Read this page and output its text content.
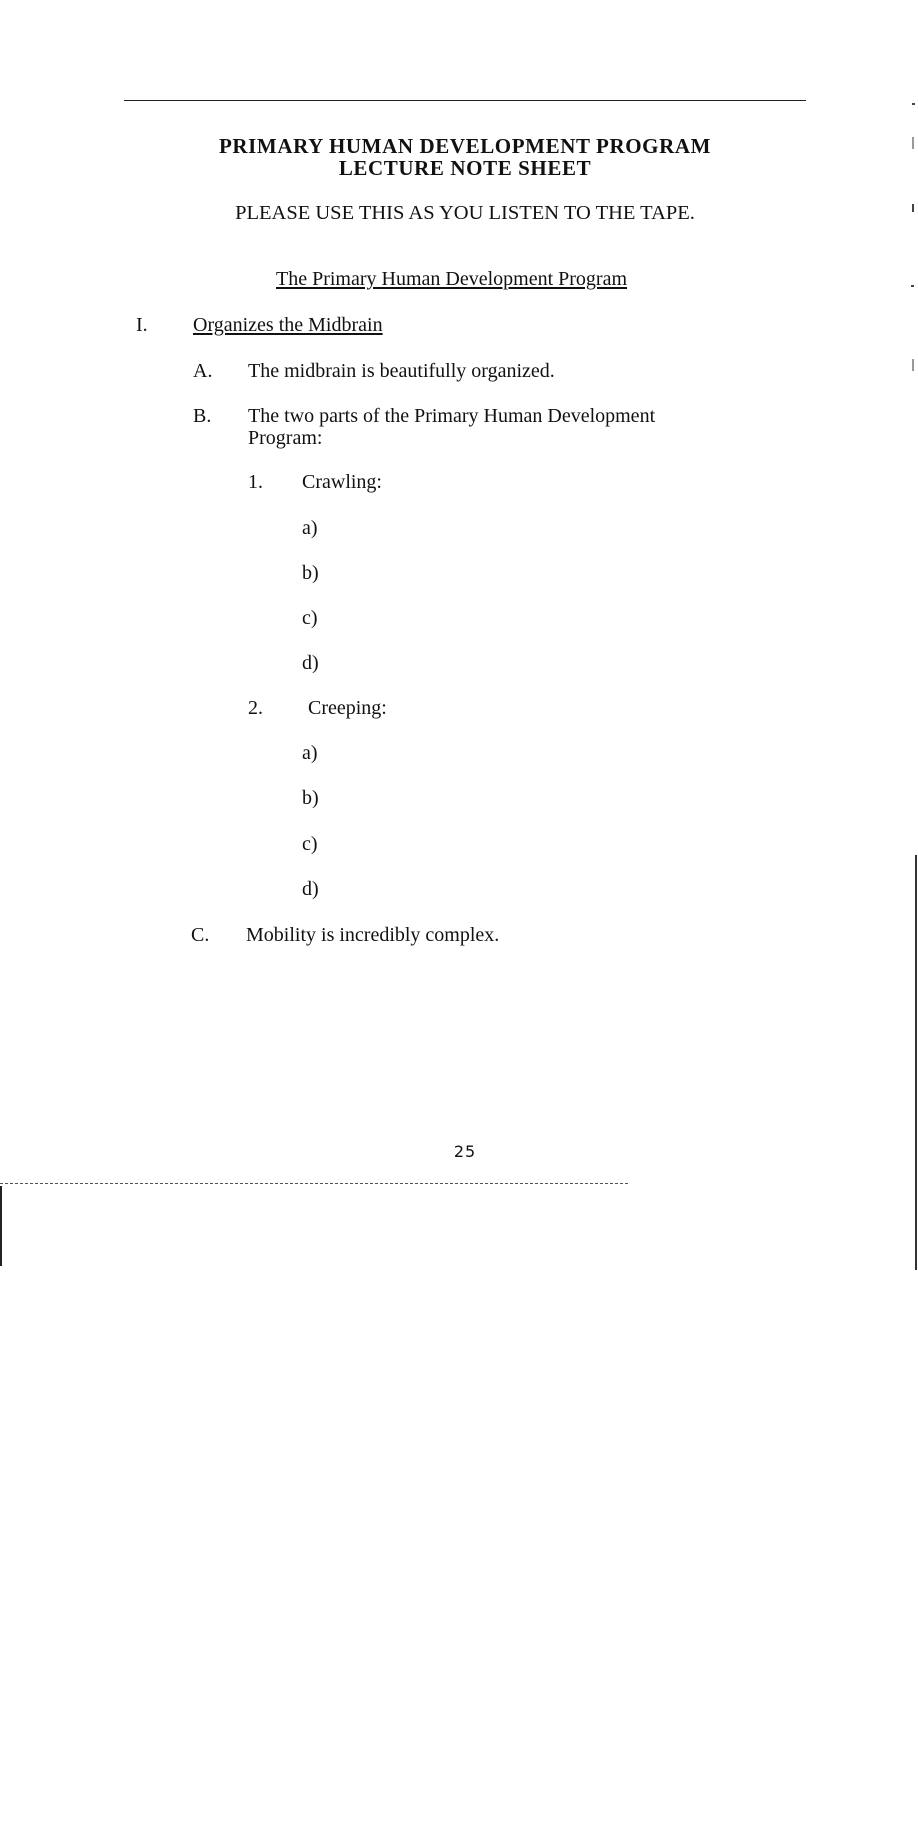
PRIMARY HUMAN DEVELOPMENT PROGRAM
LECTURE NOTE SHEET
PLEASE USE THIS AS YOU LISTEN TO THE TAPE.
The Primary Human Development Program
I. Organizes the Midbrain
A. The midbrain is beautifully organized.
B. The two parts of the Primary Human Development
Program:
1. Crawling:
a)
b)
c)
d)
2. Creeping:
a)
b)
c)
d)
C. Mobility is incredibly complex.
25
